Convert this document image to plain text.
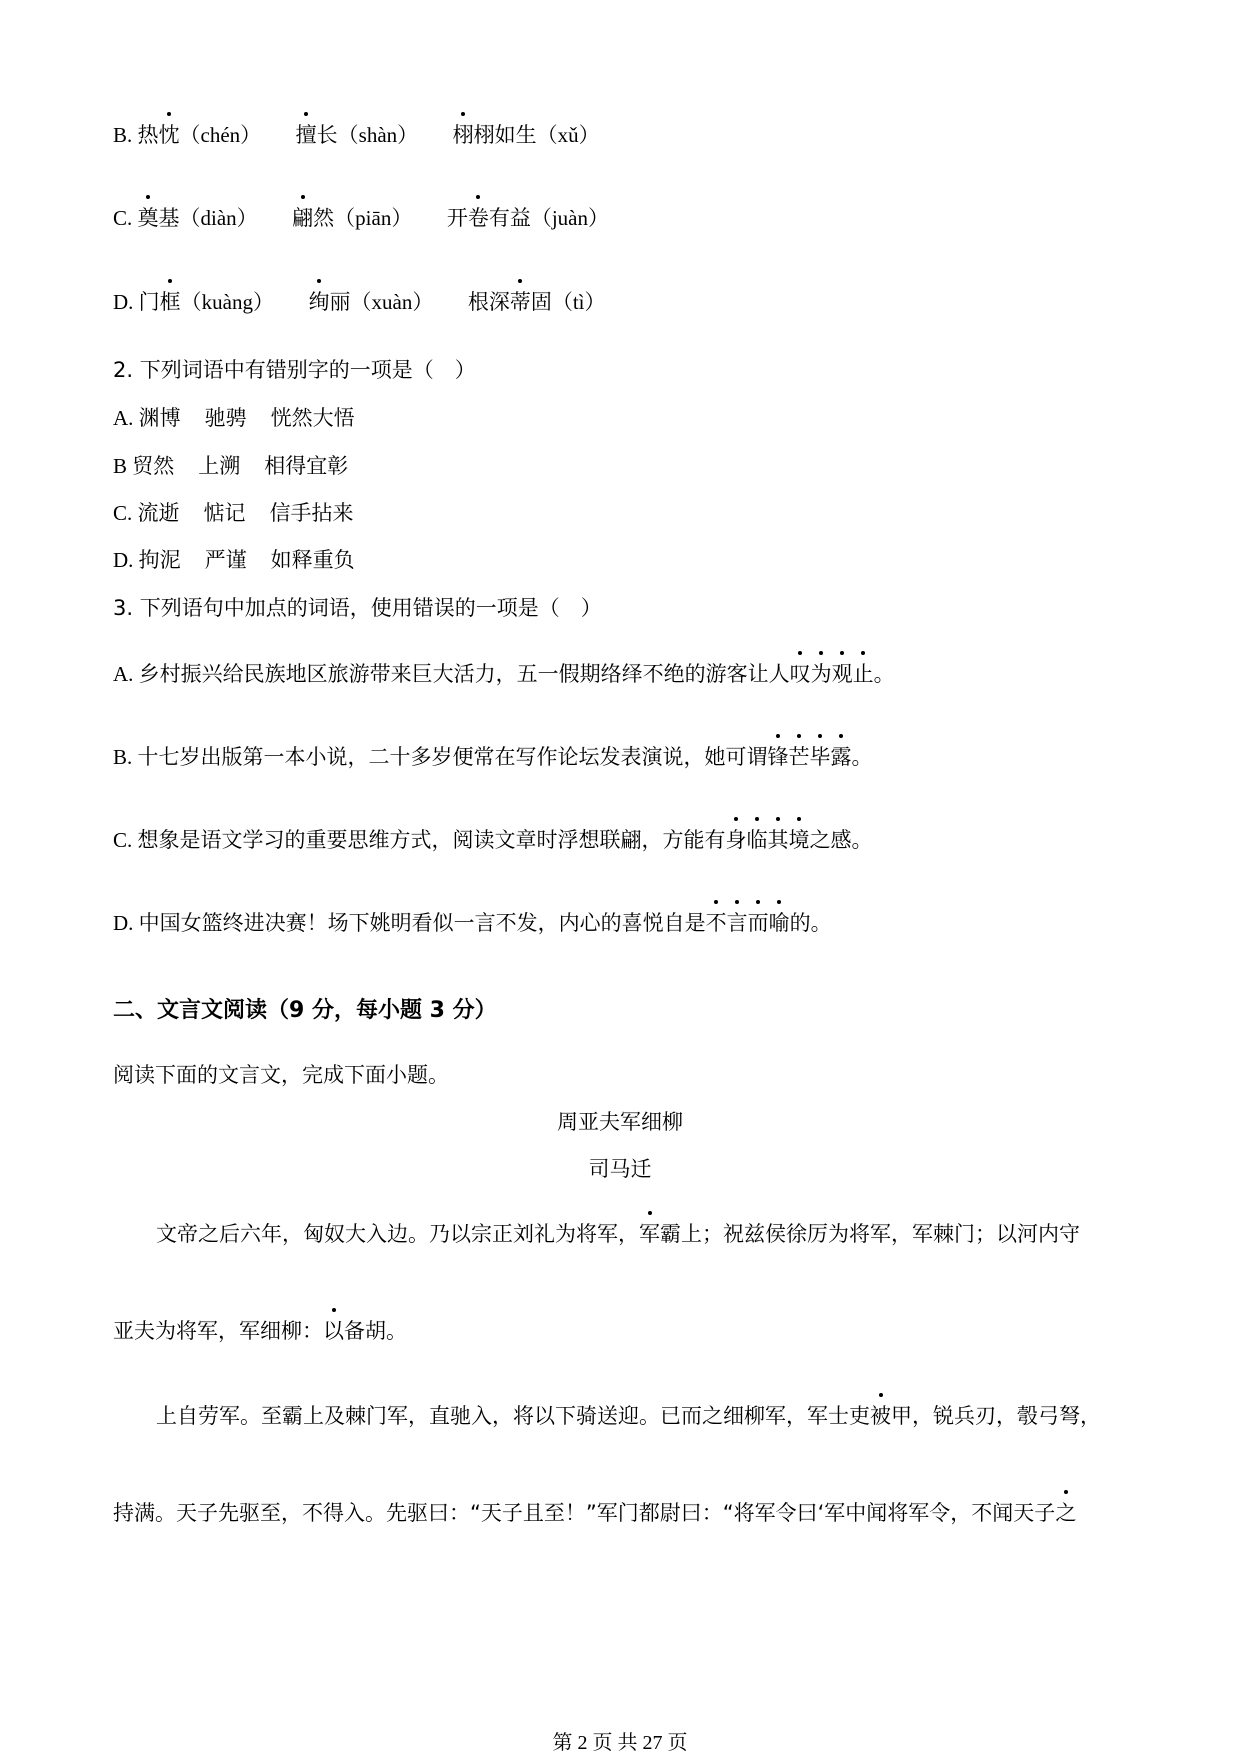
B. 热忱（chén） 擅长（shàn） 栩栩如生（xǔ）
C. 奠基（diàn） 翩然（piān） 开卷有益（juàn）
D. 门框（kuàng） 绚丽（xuàn） 根深蒂固（tì）
2. 下列词语中有错别字的一项是（　）
A. 渊博 驰骋 恍然大悟
B 贸然 上溯 相得宜彰
C. 流逝 惦记 信手拈来
D. 拘泥 严谨 如释重负
3. 下列语句中加点的词语，使用错误的一项是（　）
A. 乡村振兴给民族地区旅游带来巨大活力，五一假期络绎不绝的游客让人叹为观止。
B. 十七岁出版第一本小说，二十多岁便常在写作论坛发表演说，她可谓锋芒毕露。
C. 想象是语文学习的重要思维方式，阅读文章时浮想联翩，方能有身临其境之感。
D. 中国女篮终进决赛！场下姚明看似一言不发，内心的喜悦自是不言而喻的。
二、文言文阅读（9 分，每小题 3 分）
阅读下面的文言文，完成下面小题。
周亚夫军细柳
司马迁
文帝之后六年，匈奴大入边。乃以宗正刘礼为将军，军霸上；祝兹侯徐厉为将军，军棘门；以河内守
亚夫为将军，军细柳：以备胡。
上自劳军。至霸上及棘门军，直驰入，将以下骑送迎。已而之细柳军，军士吏被甲，锐兵刃，彀弓弩，
持满。天子先驱至，不得入。先驱曰：“天子且至！”军门都尉曰：“将军令曰‘军中闻将军令，不闻天子之
第 2 页 共 27 页
